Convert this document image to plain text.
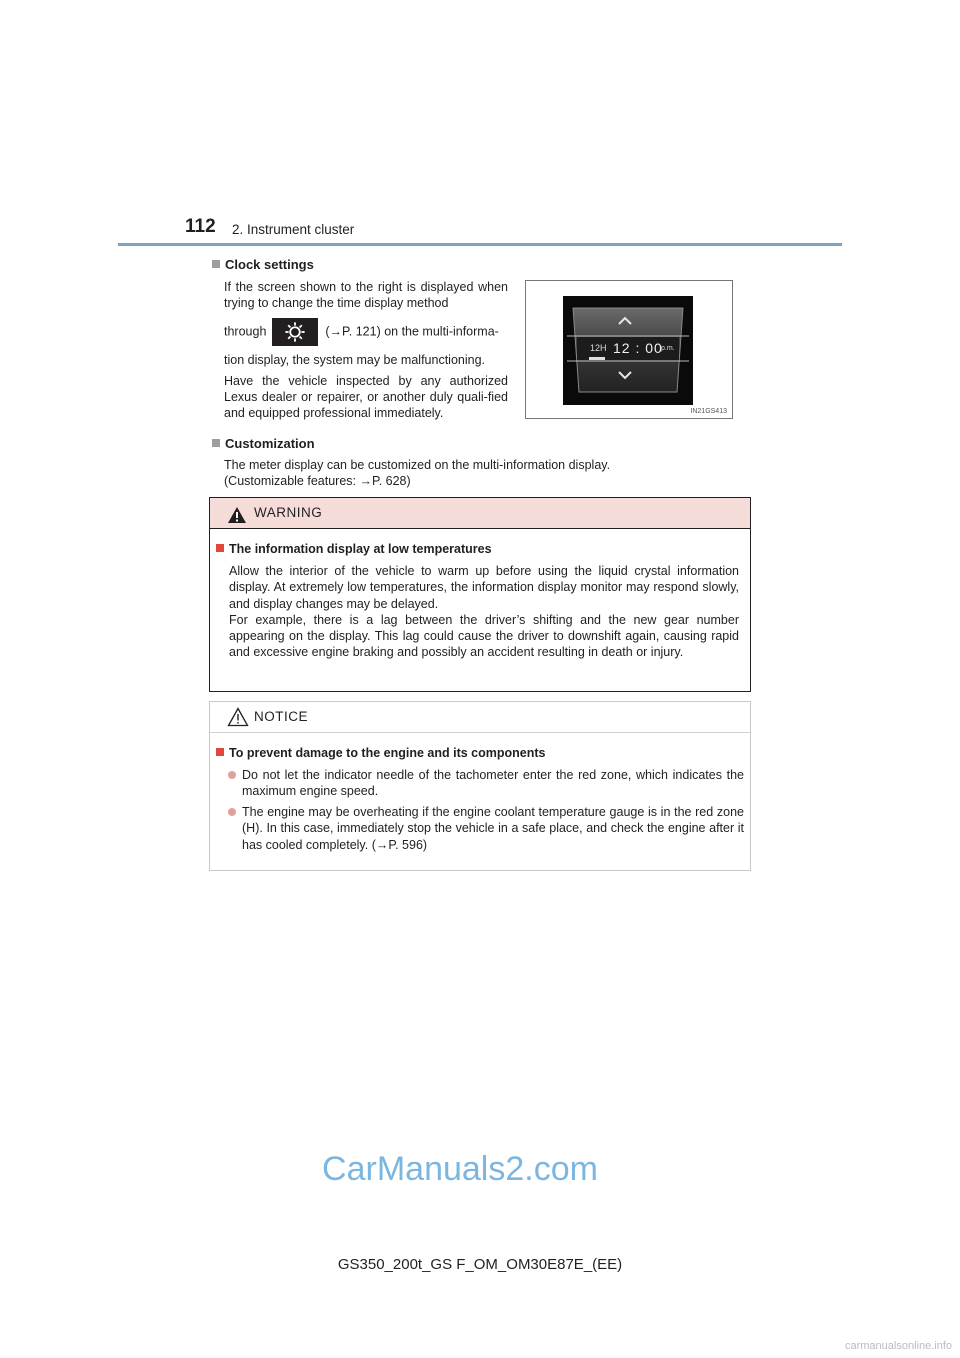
112 2. Instrument cluster
Clock settings
If the screen shown to the right is displayed when trying to change the time display method
through	(→P. 121) on the multi-informa-
tion display, the system may be malfunctioning.
Have the vehicle inspected by any authorized Lexus dealer or repairer, or another duly quali-fied and equipped professional immediately.
12H 12 : 00
p.m.
IN21GS413
Customization
The meter display can be customized on the multi-information display.
(Customizable features: →P. 628)
WARNING
The information display at low temperatures
Allow the interior of the vehicle to warm up before using the liquid crystal information display. At extremely low temperatures, the information display monitor may respond slowly, and display changes may be delayed.
For example, there is a lag between the driver’s shifting and the new gear number appearing on the display. This lag could cause the driver to downshift again, causing rapid and excessive engine braking and possibly an accident resulting in death or injury.
NOTICE
To prevent damage to the engine and its components
Do not let the indicator needle of the tachometer enter the red zone, which indicates the maximum engine speed.
The engine may be overheating if the engine coolant temperature gauge is in the red zone (H). In this case, immediately stop the vehicle in a safe place, and check the engine after it has cooled completely. (→P. 596)
CarManuals2.com
GS350_200t_GS F_OM_OM30E87E_(EE)
carmanualsonline.info
